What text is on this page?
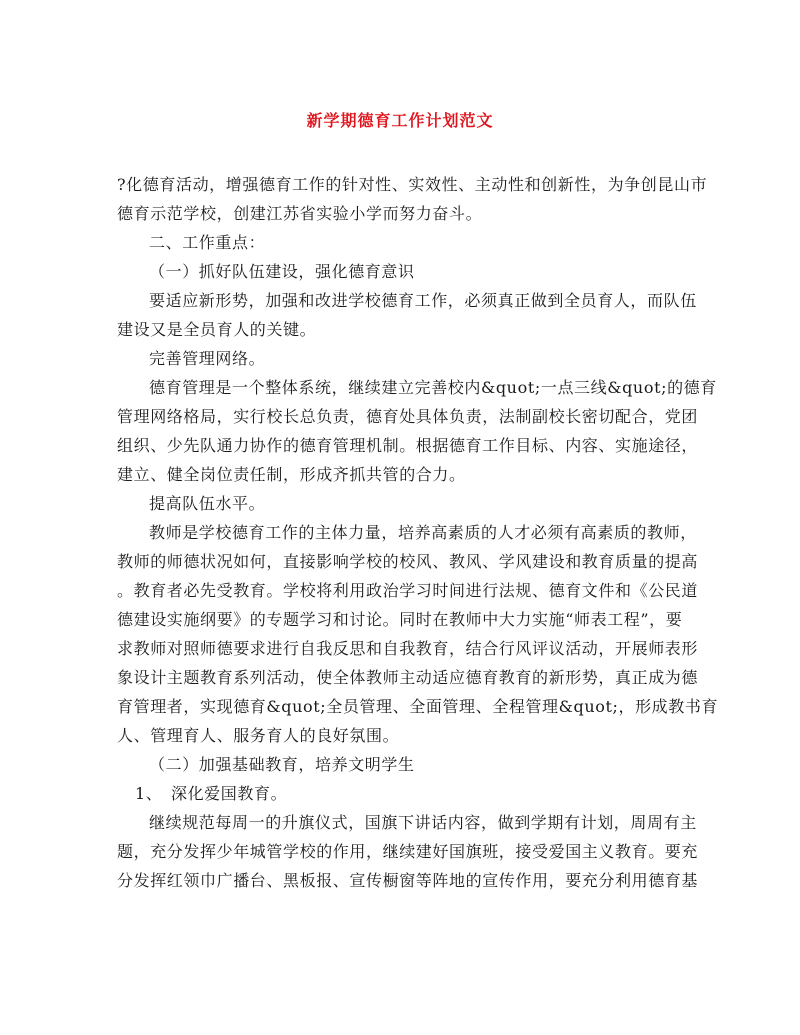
新学期德育工作计划范文
?化德育活动，增强德育工作的针对性、实效性、主动性和创新性，为争创昆山市
德育示范学校，创建江苏省实验小学而努力奋斗。
二、工作重点：
（一）抓好队伍建设，强化德育意识
要适应新形势，加强和改进学校德育工作，必须真正做到全员育人，而队伍
建设又是全员育人的关键。
完善管理网络。
德育管理是一个整体系统，继续建立完善校内&quot;一点三线&quot;的德育
管理网络格局，实行校长总负责，德育处具体负责，法制副校长密切配合，党团
组织、少先队通力协作的德育管理机制。根据德育工作目标、内容、实施途径，
建立、健全岗位责任制，形成齐抓共管的合力。
提高队伍水平。
教师是学校德育工作的主体力量，培养高素质的人才必须有高素质的教师，
教师的师德状况如何，直接影响学校的校风、教风、学风建设和教育质量的提高
。教育者必先受教育。学校将利用政治学习时间进行法规、德育文件和《公民道
德建设实施纲要》的专题学习和讨论。同时在教师中大力实施“师表工程”，要
求教师对照师德要求进行自我反思和自我教育，结合行风评议活动，开展师表形
象设计主题教育系列活动，使全体教师主动适应德育教育的新形势，真正成为德
育管理者，实现德育&quot;全员管理、全面管理、全程管理&quot;，形成教书育
人、管理育人、服务育人的良好氛围。
（二）加强基础教育，培养文明学生
1、　深化爱国教育。
继续规范每周一的升旗仪式，国旗下讲话内容，做到学期有计划，周周有主
题，充分发挥少年城管学校的作用，继续建好国旗班，接受爱国主义教育。要充
分发挥红领巾广播台、黑板报、宣传橱窗等阵地的宣传作用，要充分利用德育基
